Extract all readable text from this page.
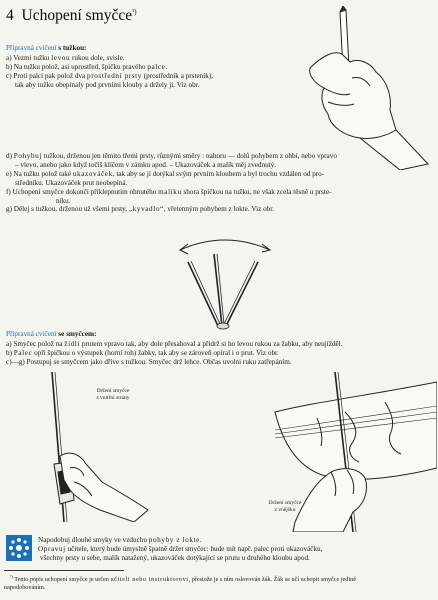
4 Uchopení smyčce$^{^1)}$
Přípravná cvičení s tužkou:
a) Vezmi tužku levou rukou dole, svisle.
b) Na tužku polož, asi uprostřed, špičku pravého palce.
c) Proti palci pak polož dva prostřední prsty (prostředník a prsteník),
tak aby tužku obepínaly pod prvními klouby a držely ji. Viz obr.
d) Pohybuj tužkou, drženou jen těmito třemi prsty, různými směry : nahoru — dolů pohybem z ohbí, nebo vpravo
– vlevo, anebo jako když točíš klíčem v zámku apod. – Ukazováček a malík měj zvednutý.
e) Na tužku polož také ukazováček, tak aby se jí dotýkal svým prvním kloubem a byl trochu vzdálen od pro-
středníku. Ukazováček prut neobepíná.
f) Uchopení smyčce dokonči přiklepnutím ohnutého malíku shora špičkou na tužku, ne však zcela těsně u prste-
níku.
g) Dělej s tužkou, drženou už všemi prsty, „kyvadlo“, vřetenným pohybem z lokte. Viz obr.
Přípravná cvičení se smyčcem:
a) Smyčec polož na židli prutem vpravo tak, aby dole přesahoval a přidrž si ho levou rukou za žabku, aby neujížděl.
b) Palec opři špičkou o výstupek (horní roh) žabky, tak aby se zároveň opíral i o prut. Viz obr.
c)—g) Postupuj se smyčcem jako dříve s tužkou. Smyčec drž lehce. Občas uvolni ruku zatřepáním.
Držení smyčce
s vnitřní strany
Držení smyčce
z vnějšku
Napodobuj dlouhé smyky ve vzduchu pohyby z lokte.
Opravuj učitele, který bude úmyslně špatně držet smyčec: bude mít např. palec proti ukazováčku,
všechny prsty u sebe, malík natažený, ukazováček dotýkající se prutu u druhého kloubu apod.
$^{^1)}$ Tento popis uchopení smyčce je určen učiteli nebo instruktorovi, přestože je s ním oslovován žák. Žák se učí uchopit smyčce jedině
napodobováním.
